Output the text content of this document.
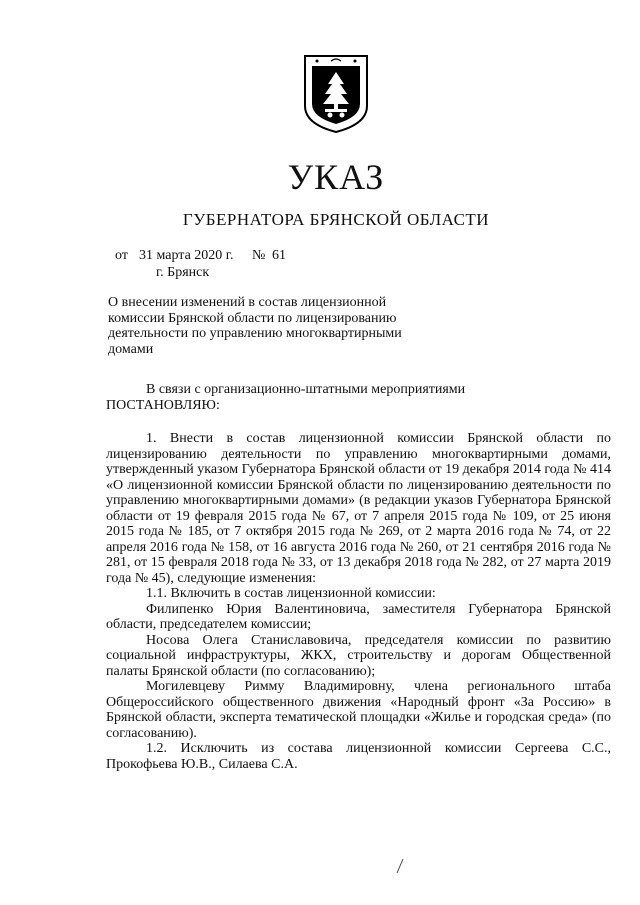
УКАЗ
ГУБЕРНАТОРА БРЯНСКОЙ ОБЛАСТИ
от 31 марта 2020 г. № 61
г. Брянск
О внесении изменений в состав лицензионной комиссии Брянской области по лицензированию деятельности по управлению многоквартирными домами

В связи с организационно-штатными мероприятиями

ПОСТАНОВЛЯЮ:

1. Внести в состав лицензионной комиссии Брянской области по лицензированию деятельности по управлению многоквартирными домами, утвержденный указом Губернатора Брянской области от 19 декабря 2014 года № 414 «О лицензионной комиссии Брянской области по лицензированию деятельности по управлению многоквартирными домами» (в редакции указов Губернатора Брянской области от 19 февраля 2015 года № 67, от 7 апреля 2015 года № 109, от 25 июня 2015 года № 185, от 7 октября 2015 года № 269, от 2 марта 2016 года № 74, от 22 апреля 2016 года № 158, от 16 августа 2016 года № 260, от 21 сентября 2016 года № 281, от 15 февраля 2018 года № 33, от 13 декабря 2018 года № 282, от 27 марта 2019 года № 45), следующие изменения:

1.1. Включить в состав лицензионной комиссии:

Филипенко Юрия Валентиновича, заместителя Губернатора Брянской области, председателем комиссии;

Носова Олега Станиславовича, председателя комиссии по развитию социальной инфраструктуры, ЖКХ, строительству и дорогам Общественной палаты Брянской области (по согласованию);

Могилевцеву Римму Владимировну, члена регионального штаба Общероссийского общественного движения «Народный фронт «За Россию» в Брянской области, эксперта тематической площадки «Жилье и городская среда» (по согласованию).

1.2. Исключить из состава лицензионной комиссии Сергеева С.С., Прокофьева Ю.В., Силаева С.А.
